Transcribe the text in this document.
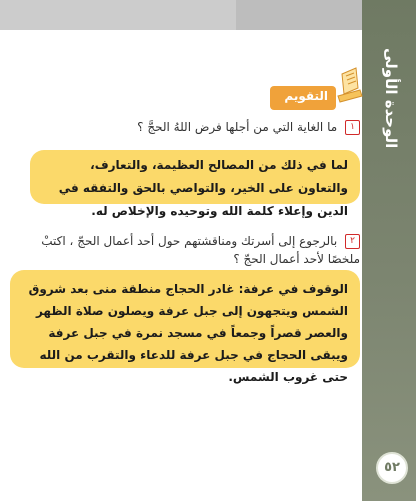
الوحدة الأولى
٥٢
التقويم
١ ما الغاية التي من أجلها فرض اللهُ الحجَّ ؟
لما في ذلك من المصالح العظيمة، والتعارف، والتعاون على الخير، والتواصي بالحق والتفقه في الدين وإعلاء كلمة الله وتوحيده والإخلاص له.
٢ بالرجوع إلى أسرتك ومناقشتهم حول أحد أعمال الحجّ ، اكتبْ ملخصًا لأحد أعمال الحجّ ؟
الوقوف في عرفة: غادر الحجاج منطقة منى بعد شروق الشمس ويتجهون إلى جبل عرفة ويصلون صلاة الظهر والعصر قصراً وجمعاً في مسجد نمرة في جبل عرفة ويبقى الحجاج في جبل عرفة للدعاء والتقرب من الله حتى غروب الشمس.
